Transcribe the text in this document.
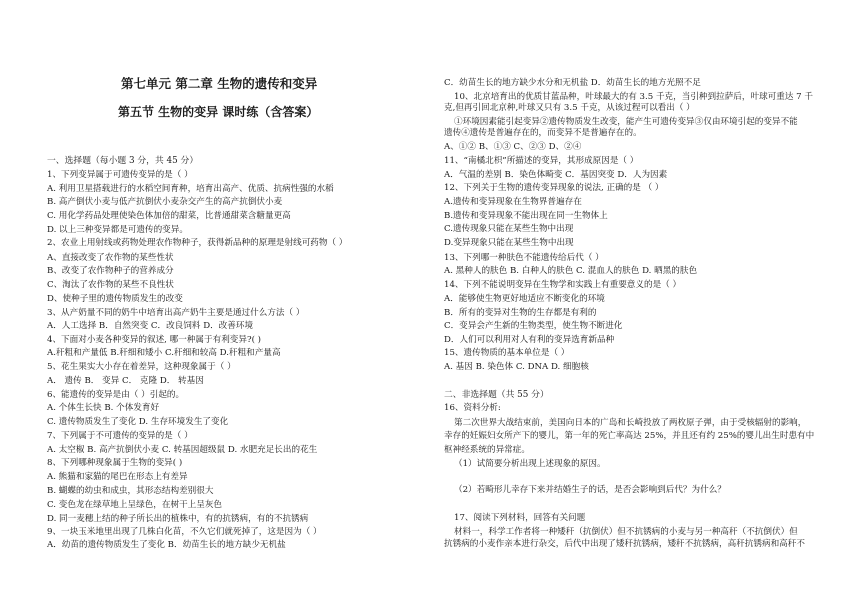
第七单元 第二章 生物的遗传和变异
第五节 生物的变异 课时练（含答案）
一、选择题（每小题 3 分，共 45 分）
1、下列变异属于可遗传变异的是（ ）
A. 利用卫星搭载进行的水稻空间育种，培育出高产、优质、抗病性强的水稻
B. 高产倒伏小麦与低产抗倒伏小麦杂交产生的高产抗倒伏小麦
C. 用化学药品处理使染色体加倍的甜菜，比普通甜菜含糖量更高
D. 以上三种变异都是可遗传的变异。
2、农业上用射线或药物处理农作物种子，获得新品种的原理是射线可药物（ ）
A、直接改变了农作物的某些性状
B、改变了农作物种子的营养成分
C、淘汰了农作物的某些不良性状
D、使种子里的遗传物质发生的改变
3、从产奶量不同的奶牛中培育出高产奶牛主要是通过什么方法（ ）
A．人工选择 B．自然突变 C．改良饲料 D．改善环境
4、下面对小麦各种变异的叙述, 哪一种属于有利变异?( )
A.秆粗和产量低 B.秆细和矮小 C.秆细和较高 D.秆粗和产量高
5、花生果实大小存在着差异，这种现象属于（ ）
A． 遗传 B． 变异 C． 克隆 D． 转基因
6、能遗传的变异是由（ ）引起的。
A. 个体生长快 B. 个体发育好
C. 遗传物质发生了变化 D. 生存环境发生了变化
7、下列属于不可遗传的变异的是（ ）
A. 太空椒 B. 高产抗倒伏小麦 C. 转基因超级鼠 D. 水肥充足长出的花生
8、下列哪种现象属于生物的变异( )
A. 熊猫和家猫的尾巴在形态上有差异
B. 蝴蝶的幼虫和成虫，其形态结构差别很大
C. 变色龙在绿草地上呈绿色，在树干上呈灰色
D. 同一麦穗上结的种子所长出的植株中，有的抗锈病，有的不抗锈病
9、一块玉米地里出现了几株白化苗，不久它们就死掉了，这是因为（ ）
A．幼苗的遗传物质发生了变化 B．幼苗生长的地方缺少无机盐
C．幼苗生长的地方缺少水分和无机盐 D．幼苗生长的地方光照不足
10、北京培育出的优质甘蓝品种，叶球最大的有 3.5 千克，当引种到拉萨后，叶球可重达 7 千
克,但再引回北京种,叶球又只有 3.5 千克，从该过程可以看出（ ）
①环境因素能引起变异②遗传物质发生改变，能产生可遗传变异③仅由环境引起的变异不能
遗传④遗传是普遍存在的，而变异不是普遍存在的。
A、①② B、①③ C、②③ D、②④
11、“南橘北枳”所描述的变异，其形成原因是（ ）
A．气温的差别 B．染色体畸变 C．基因突变 D．人为因素
12、下列关于生物的遗传变异现象的说法, 正确的是 （ ）
A.遗传和变异现象在生物界普遍存在
B.遗传和变异现象不能出现在同一生物体上
C.遗传现象只能在某些生物中出现
D.变异现象只能在某些生物中出现
13、下列哪一种肤色不能遗传给后代（ ）
A. 黑种人的肤色 B. 白种人的肤色 C. 混血人的肤色 D. 晒黑的肤色
14、下列不能说明变异在生物学和实践上有重要意义的是（ ）
A．能够使生物更好地适应不断变化的环境
B．所有的变异对生物的生存都是有利的
C．变异会产生新的生物类型，使生物不断进化
D．人们可以利用对人有利的变异选育新品种
15、遗传物质的基本单位是（ ）
A. 基因 B. 染色体 C. DNA D. 细胞核
二、非选择题（共 55 分）
16、资料分析:
第二次世界大战结束前，美国向日本的广岛和长崎投放了两枚原子弹，由于受核辐射的影响，
幸存的妊娠妇女所产下的婴儿，第一年的死亡率高达 25%，并且还有约 25%的婴儿出生时患有中
枢神经系统的异常症。
（1）试简要分析出现上述现象的原因。
（2）若畸形儿幸存下来并结婚生子的话，是否会影响到后代？为什么？
17、阅读下列材料，回答有关问题
材料一，科学工作者将一种矮秆（抗倒伏）但不抗锈病的小麦与另一种高秆（不抗倒伏）但
抗锈病的小麦作亲本进行杂交，后代中出现了矮秆抗锈病，矮秆不抗锈病，高秆抗锈病和高秆不
